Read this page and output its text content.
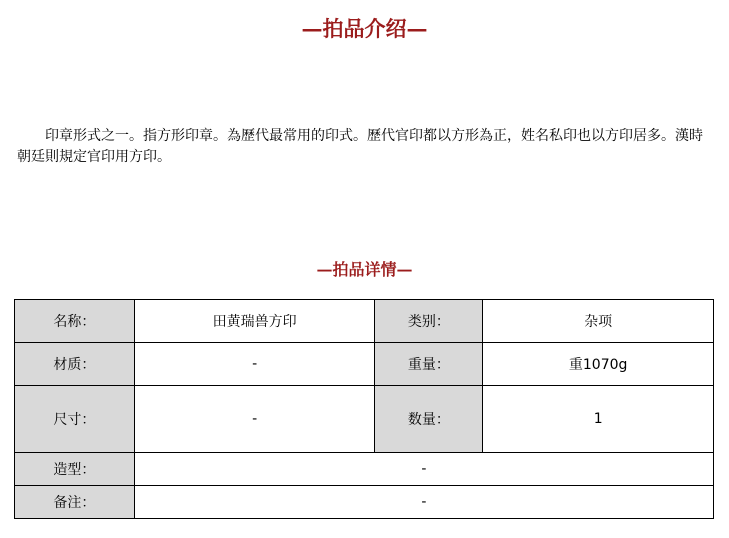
—拍品介绍—

印章形式之一。指方形印章。為歷代最常用的印式。歷代官印都以方形為正，姓名私印也以方印居多。漢時朝廷則規定官印用方印。

—拍品详情—
名称：	田黄瑞兽方印	类别：	杂项
材质：	-	重量：	重1070g
尺寸：	-	数量：	1
造型：	-		
备注：	-		
